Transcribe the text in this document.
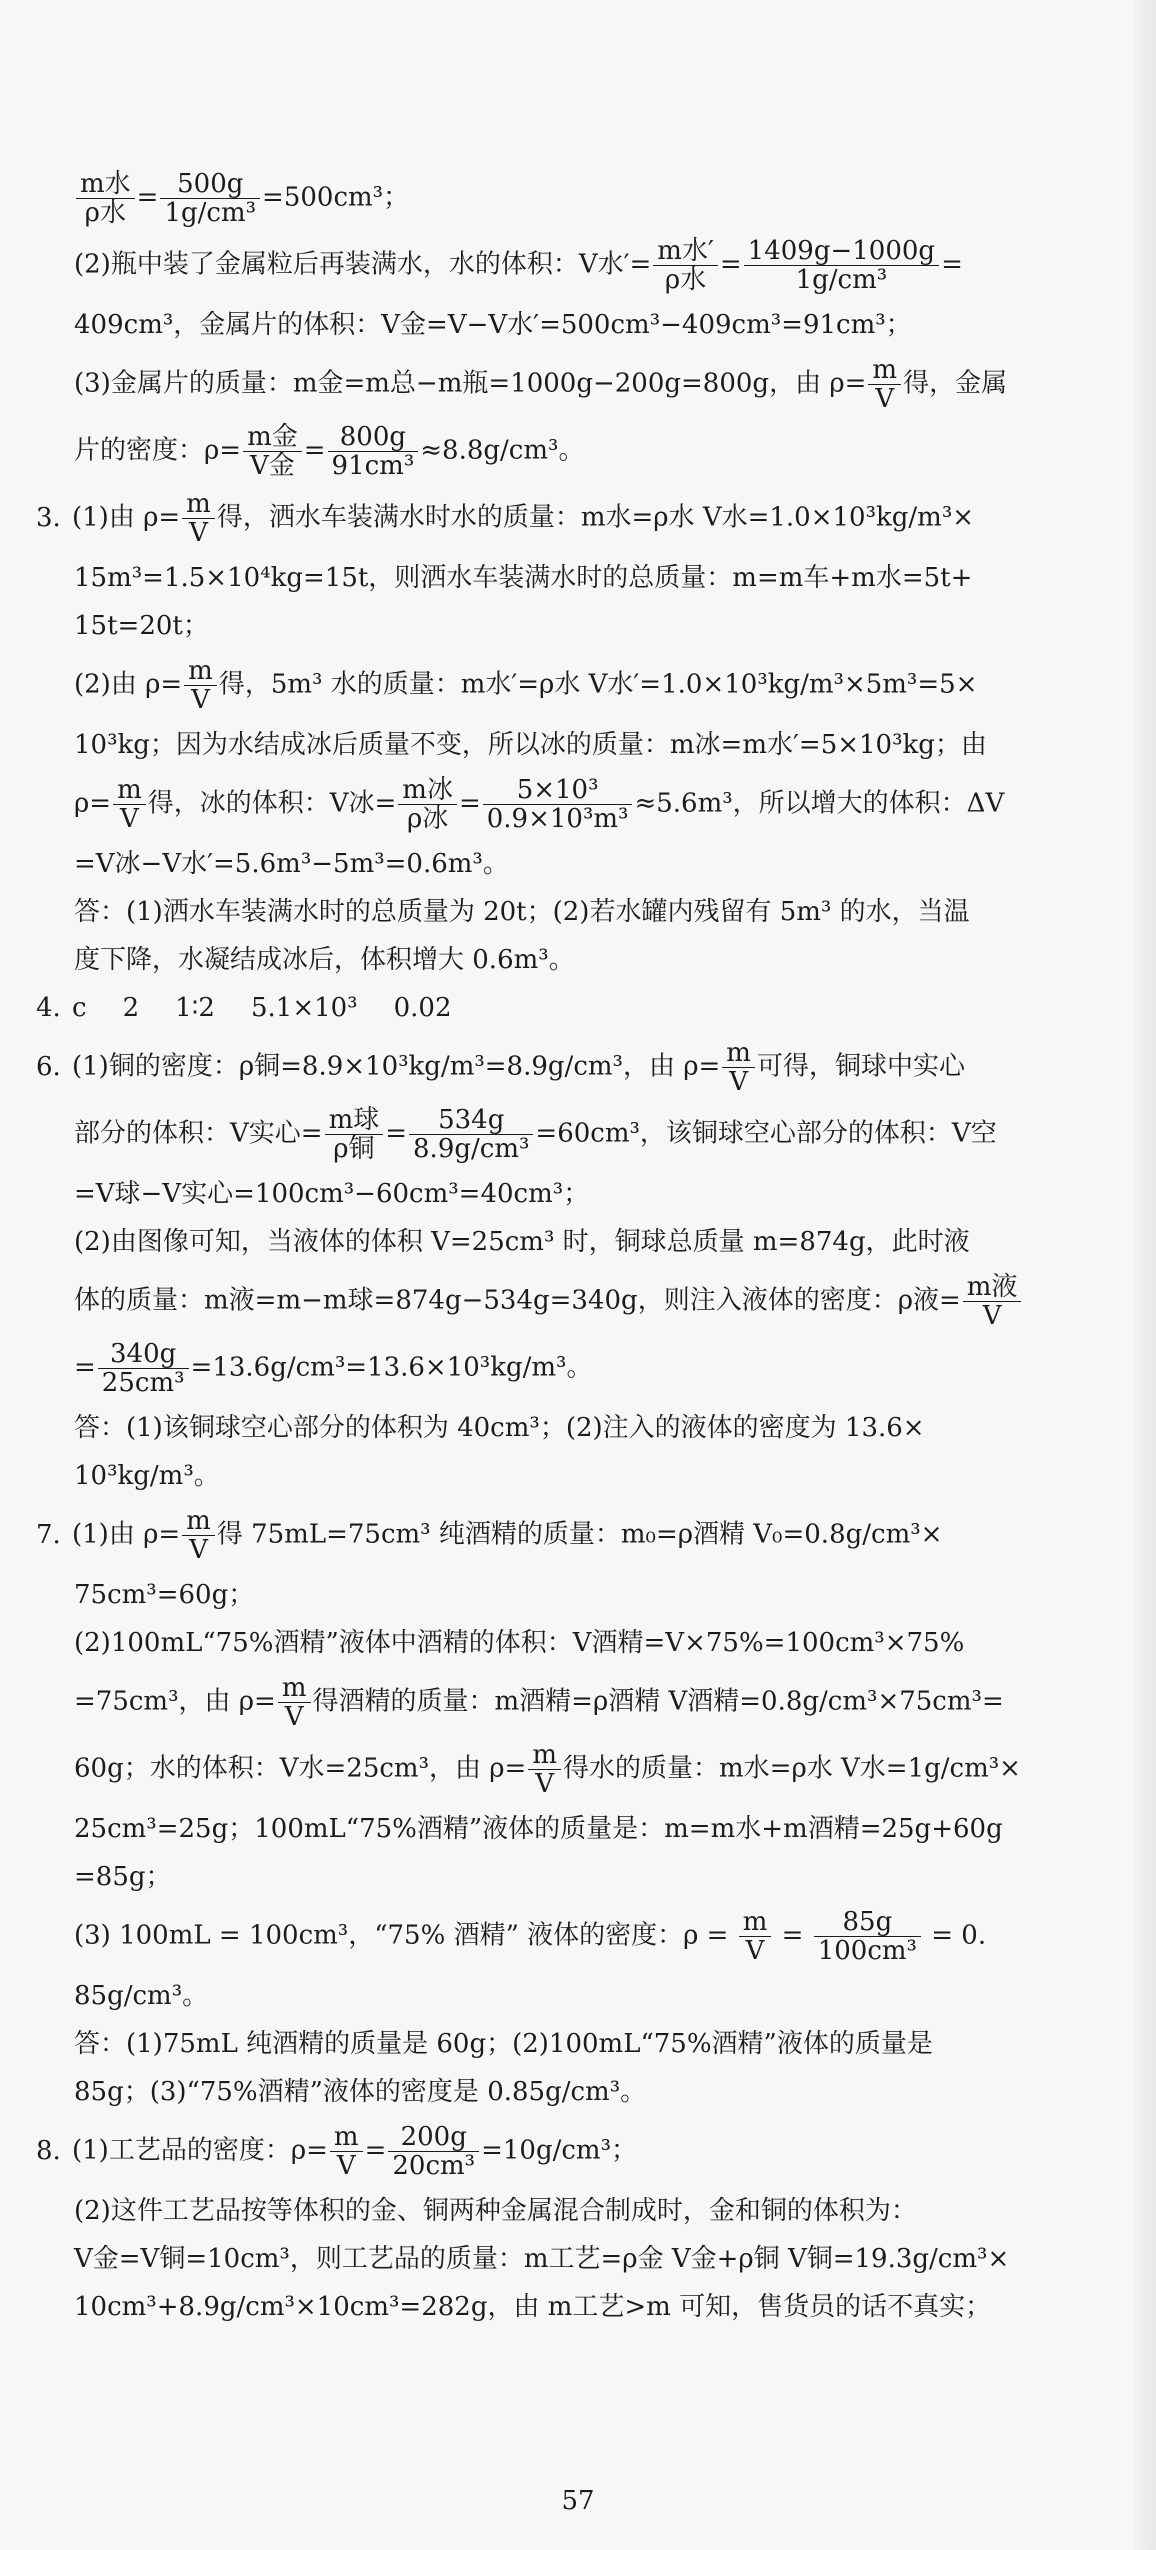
$\frac{\text{m水}}{\text{ρ水}} = \frac{500g}{\text{1g/cm³}} =500cm^3$；
(2)瓶中装了金属粒后再装满水，水的体积：V水′= $\frac{\text{m水′}}{\text{ρ水}} = \frac{1409g-1000g}{\text{1g/cm³}}$ =
409cm³，金属片的体积：V金=V−V水′=500cm³−409cm³=91cm³；
(3)金属片的质量：m金=m总−m瓶=1000g−200g=800g，由 $\rho= \frac{m}{V}$ 得，金属
片的密度：$\rho= \frac{\text{m金}}{\text{V金}} = \frac{800g}{\text{91cm³}} \approx 8.8g/cm^3$。
3. (1)由 $\rho= \frac{m}{V}$ 得，洒水车装满水时水的质量：m水=ρ水 V水=1.0×10³kg/m³×
15m³=1.5×10⁴kg=15t，则洒水车装满水时的总质量：m=m车+m水=5t+
15t=20t；
(2)由 $\rho= \frac{m}{V}$ 得，5m³ 水的质量：m水′=ρ水 V水′=1.0×10³kg/m³×5m³=5×
10³kg；因为水结成冰后质量不变，所以冰的质量：m冰=m水′=5×10³kg；由
$\rho= \frac{m}{V}$ 得，冰的体积：V冰= $\frac{\text{m冰}}{\text{ρ冰}} = \frac{\text{5×10³}}{\text{0.9×10³m³}} \approx 5.6m^3$，所以增大的体积：ΔV
=V冰−V水′=5.6m³−5m³=0.6m³。
答：(1)洒水车装满水时的总质量为 20t；(2)若水罐内残留有 5m³ 的水，当温
度下降，水凝结成冰后，体积增大 0.6m³。
4. c 2 1∶2 5.1×10³ 0.02
6. (1)铜的密度：ρ铜=8.9×10³kg/m³=8.9g/cm³，由 $\rho= \frac{m}{V}$ 可得，铜球中实心
部分的体积：V实心= $\frac{\text{m球}}{\text{ρ铜}} = \frac{534g}{\text{8.9g/cm³}} =60cm^3$，该铜球空心部分的体积：V空
=V球−V实心=100cm³−60cm³=40cm³；
(2)由图像可知，当液体的体积 V=25cm³ 时，铜球总质量 m=874g，此时液
体的质量：m液=m−m球=874g−534g=340g，则注入液体的密度：ρ液= $\frac{\text{m液}}{V}$
= $\frac{340g}{\text{25cm³}} =13.6g/cm^3=13.6\times 10^3kg/m^3$。
答：(1)该铜球空心部分的体积为 40cm³；(2)注入的液体的密度为 13.6×
10³kg/m³。
7. (1)由 $\rho= \frac{m}{V}$ 得 75mL=75cm³ 纯酒精的质量：m₀=ρ酒精 V₀=0.8g/cm³×
75cm³=60g；
(2)100mL“75%酒精”液体中酒精的体积：V酒精=V×75%=100cm³×75%
=75cm³，由 $\rho= \frac{m}{V}$ 得酒精的质量：m酒精=ρ酒精 V酒精=0.8g/cm³×75cm³=
60g；水的体积：V水=25cm³，由 $\rho= \frac{m}{V}$ 得水的质量：m水=ρ水 V水=1g/cm³×
25cm³=25g；100mL“75%酒精”液体的质量是：m=m水+m酒精=25g+60g
=85g；
(3) 100mL = 100cm³，“75% 酒精” 液体的密度：$\rho = \frac{m}{V} = \frac{85g}{\text{100cm³}} = 0$.
85g/cm³。
答：(1)75mL 纯酒精的质量是 60g；(2)100mL“75%酒精”液体的质量是
85g；(3)“75%酒精”液体的密度是 0.85g/cm³。
8. (1)工艺品的密度：$\rho= \frac{m}{V} = \frac{200g}{\text{20cm³}} =10g/cm^3$；
(2)这件工艺品按等体积的金、铜两种金属混合制成时，金和铜的体积为：
V金=V铜=10cm³，则工艺品的质量：m工艺=ρ金 V金+ρ铜 V铜=19.3g/cm³×
10cm³+8.9g/cm³×10cm³=282g，由 m工艺>m 可知，售货员的话不真实；
57
